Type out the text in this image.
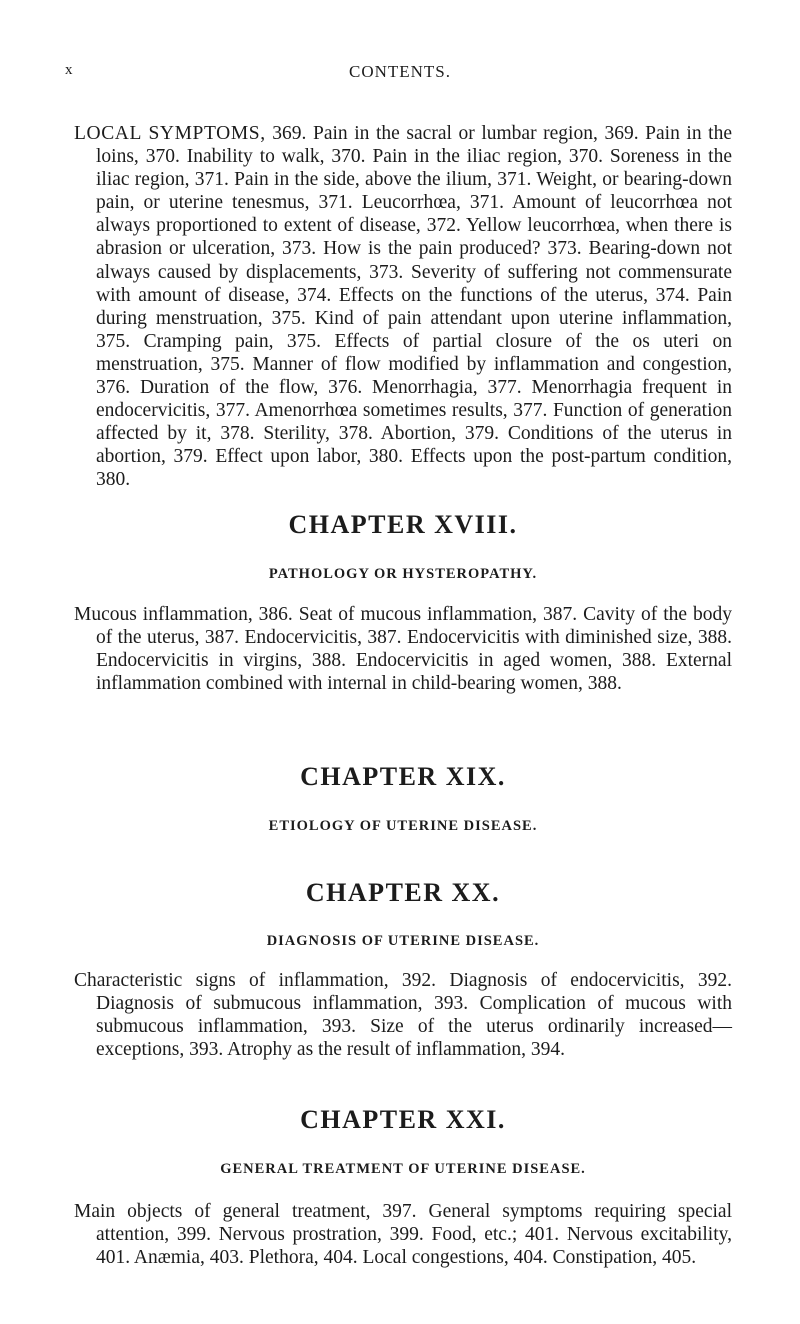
x	CONTENTS.

LOCAL SYMPTOMS, 369. Pain in the sacral or lumbar region, 369. Pain in the loins, 370. Inability to walk, 370. Pain in the iliac region, 370. Soreness in the iliac region, 371. Pain in the side, above the ilium, 371. Weight, or bearing-down pain, or uterine tenesmus, 371. Leucorrhœa, 371. Amount of leucorrhœa not always proportioned to extent of disease, 372. Yellow leucorrhœa, when there is abrasion or ulceration, 373. How is the pain produced? 373. Bearing-down not always caused by displacements, 373. Severity of suffering not commensurate with amount of disease, 374. Effects on the functions of the uterus, 374. Pain during menstruation, 375. Kind of pain attendant upon uterine inflammation, 375. Cramping pain, 375. Effects of partial closure of the os uteri on menstruation, 375. Manner of flow modified by inflammation and congestion, 376. Duration of the flow, 376. Menorrhagia, 377. Menorrhagia frequent in endocervicitis, 377. Amenorrhœa sometimes results, 377. Function of generation affected by it, 378. Sterility, 378. Abortion, 379. Conditions of the uterus in abortion, 379. Effect upon labor, 380. Effects upon the post-partum condition, 380.

CHAPTER XVIII.
PATHOLOGY OR HYSTEROPATHY.

Mucous inflammation, 386. Seat of mucous inflammation, 387. Cavity of the body of the uterus, 387. Endocervicitis, 387. Endocervicitis with diminished size, 388. Endocervicitis in virgins, 388. Endocervicitis in aged women, 388. External inflammation combined with internal in child-bearing women, 388.

CHAPTER XIX.
ETIOLOGY OF UTERINE DISEASE.
CHAPTER XX.
DIAGNOSIS OF UTERINE DISEASE.

Characteristic signs of inflammation, 392. Diagnosis of endocervicitis, 392. Diagnosis of submucous inflammation, 393. Complication of mucous with submucous inflammation, 393. Size of the uterus ordinarily increased—exceptions, 393. Atrophy as the result of inflammation, 394.

CHAPTER XXI.
GENERAL TREATMENT OF UTERINE DISEASE.

Main objects of general treatment, 397. General symptoms requiring special attention, 399. Nervous prostration, 399. Food, etc.; 401. Nervous excitability, 401. Anæmia, 403. Plethora, 404. Local congestions, 404. Constipation, 405.
